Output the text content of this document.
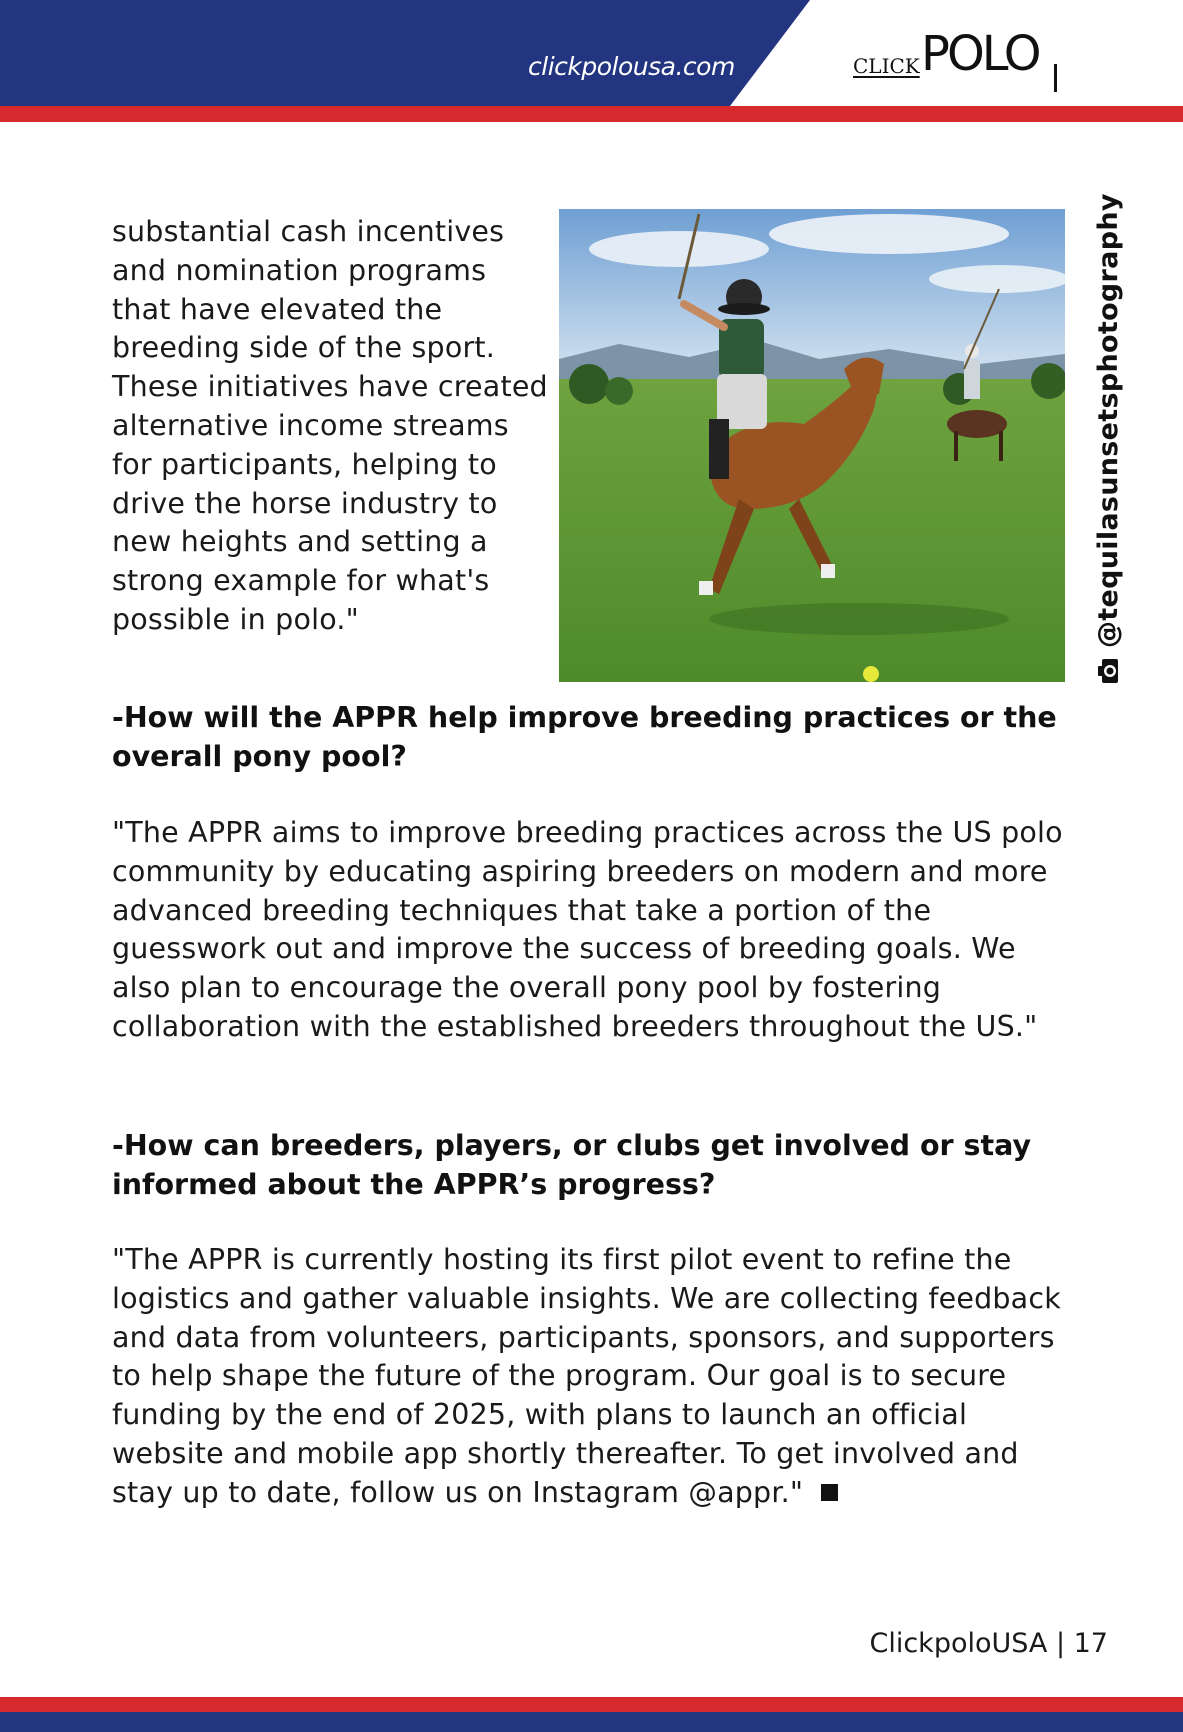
clickpolousa.com	CLICK POLO

substantial cash incentives and nomination programs that have elevated the breeding side of the sport. These initiatives have created alternative income streams for participants, helping to drive the horse industry to new heights and setting a strong example for what's possible in polo."	@tequilasunsetsphotography

-How will the APPR help improve breeding practices or the overall pony pool?

"The APPR aims to improve breeding practices across the US polo community by educating aspiring breeders on modern and more advanced breeding techniques that take a portion of the guesswork out and improve the success of breeding goals. We also plan to encourage the overall pony pool by fostering collaboration with the established breeders throughout the US."

-How can breeders, players, or clubs get involved or stay informed about the APPR’s progress?

"The APPR is currently hosting its first pilot event to refine the logistics and gather valuable insights. We are collecting feedback and data from volunteers, participants, sponsors, and supporters to help shape the future of the program. Our goal is to secure funding by the end of 2025, with plans to launch an official website and mobile app shortly thereafter. To get involved and stay up to date, follow us on Instagram @appr."

ClickpoloUSA | 17
